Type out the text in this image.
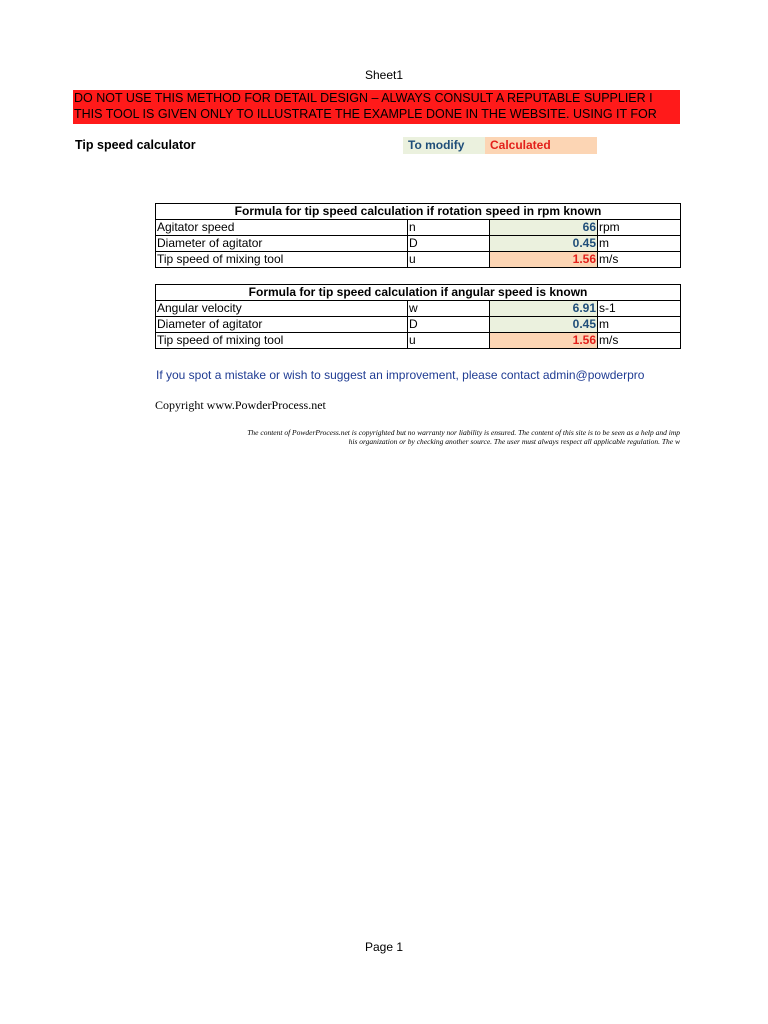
Sheet1
DO NOT USE THIS METHOD FOR DETAIL DESIGN – ALWAYS CONSULT A REPUTABLE SUPPLIER I
THIS TOOL IS GIVEN ONLY TO ILLUSTRATE THE EXAMPLE DONE IN THE WEBSITE. USING IT FOR
Tip speed calculator	To modify	Calculated
Formula for tip speed calculation if rotation speed in rpm known			
Agitator speed	n	66	rpm
Diameter of agitator	D	0.45	m
Tip speed of mixing tool	u	1.56	m/s
Formula for tip speed calculation if angular speed is known			
Angular velocity	w	6.91	s-1
Diameter of agitator	D	0.45	m
Tip speed of mixing tool	u	1.56	m/s
If you spot a mistake or wish to suggest an improvement, please contact admin@powderpro
Copyright www.PowderProcess.net
The content of PowderProcess.net is copyrighted but no warranty nor liability is ensured. The content of this site is to be seen as a help and imp
his organization or by checking another source. The user must always respect all applicable regulation. The w
Page 1
